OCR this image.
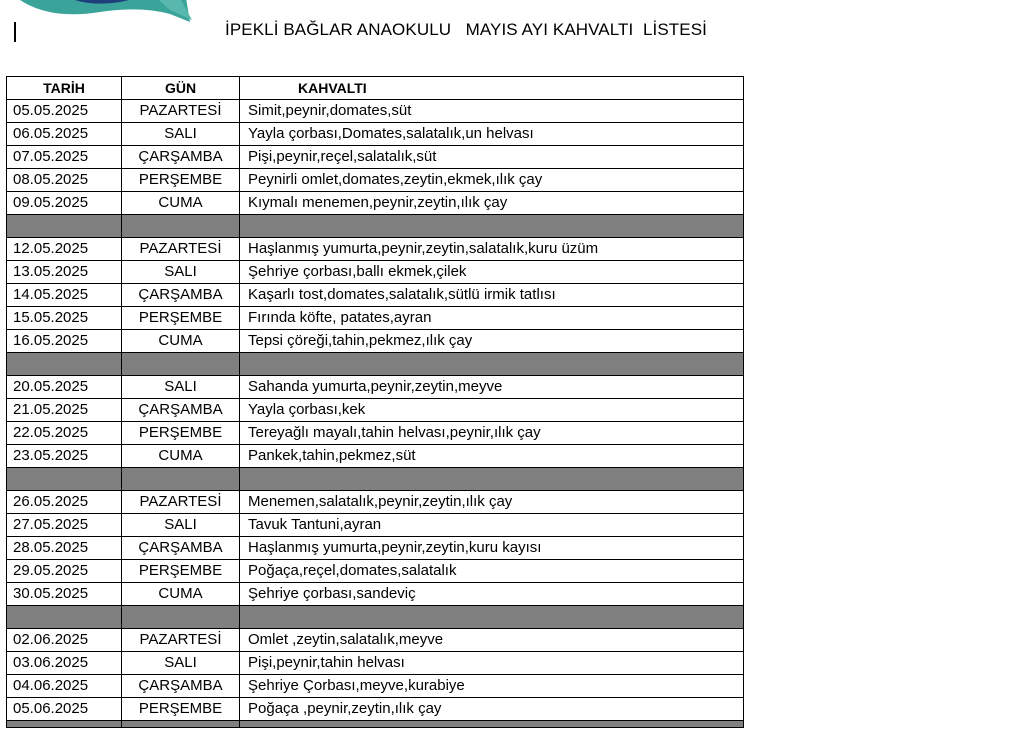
İPEKLİ BAĞLAR ANAOKULU   MAYIS AYI KAHVALTI  LİSTESİ
TARİH	GÜN	KAHVALTI
05.05.2025	PAZARTESİ	Simit,peynir,domates,süt
06.05.2025	SALI	Yayla çorbası,Domates,salatalık,un helvası
07.05.2025	ÇARŞAMBA	Pişi,peynir,reçel,salatalık,süt
08.05.2025	PERŞEMBE	Peynirli omlet,domates,zeytin,ekmek,ılık çay
09.05.2025	CUMA	Kıymalı menemen,peynir,zeytin,ılık çay

12.05.2025	PAZARTESİ	Haşlanmış yumurta,peynir,zeytin,salatalık,kuru üzüm
13.05.2025	SALI	Şehriye çorbası,ballı ekmek,çilek
14.05.2025	ÇARŞAMBA	Kaşarlı tost,domates,salatalık,sütlü irmik tatlısı
15.05.2025	PERŞEMBE	Fırında köfte, patates,ayran
16.05.2025	CUMA	Tepsi çöreği,tahin,pekmez,ılık çay

20.05.2025	SALI	Sahanda yumurta,peynir,zeytin,meyve
21.05.2025	ÇARŞAMBA	Yayla çorbası,kek
22.05.2025	PERŞEMBE	Tereyağlı mayalı,tahin helvası,peynir,ılık çay
23.05.2025	CUMA	Pankek,tahin,pekmez,süt

26.05.2025	PAZARTESİ	Menemen,salatalık,peynir,zeytin,ılık çay
27.05.2025	SALI	Tavuk Tantuni,ayran
28.05.2025	ÇARŞAMBA	Haşlanmış yumurta,peynir,zeytin,kuru kayısı
29.05.2025	PERŞEMBE	Poğaça,reçel,domates,salatalık
30.05.2025	CUMA	Şehriye çorbası,sandeviç

02.06.2025	PAZARTESİ	Omlet ,zeytin,salatalık,meyve
03.06.2025	SALI	Pişi,peynir,tahin helvası
04.06.2025	ÇARŞAMBA	Şehriye Çorbası,meyve,kurabiye
05.06.2025	PERŞEMBE	Poğaça ,peynir,zeytin,ılık çay
